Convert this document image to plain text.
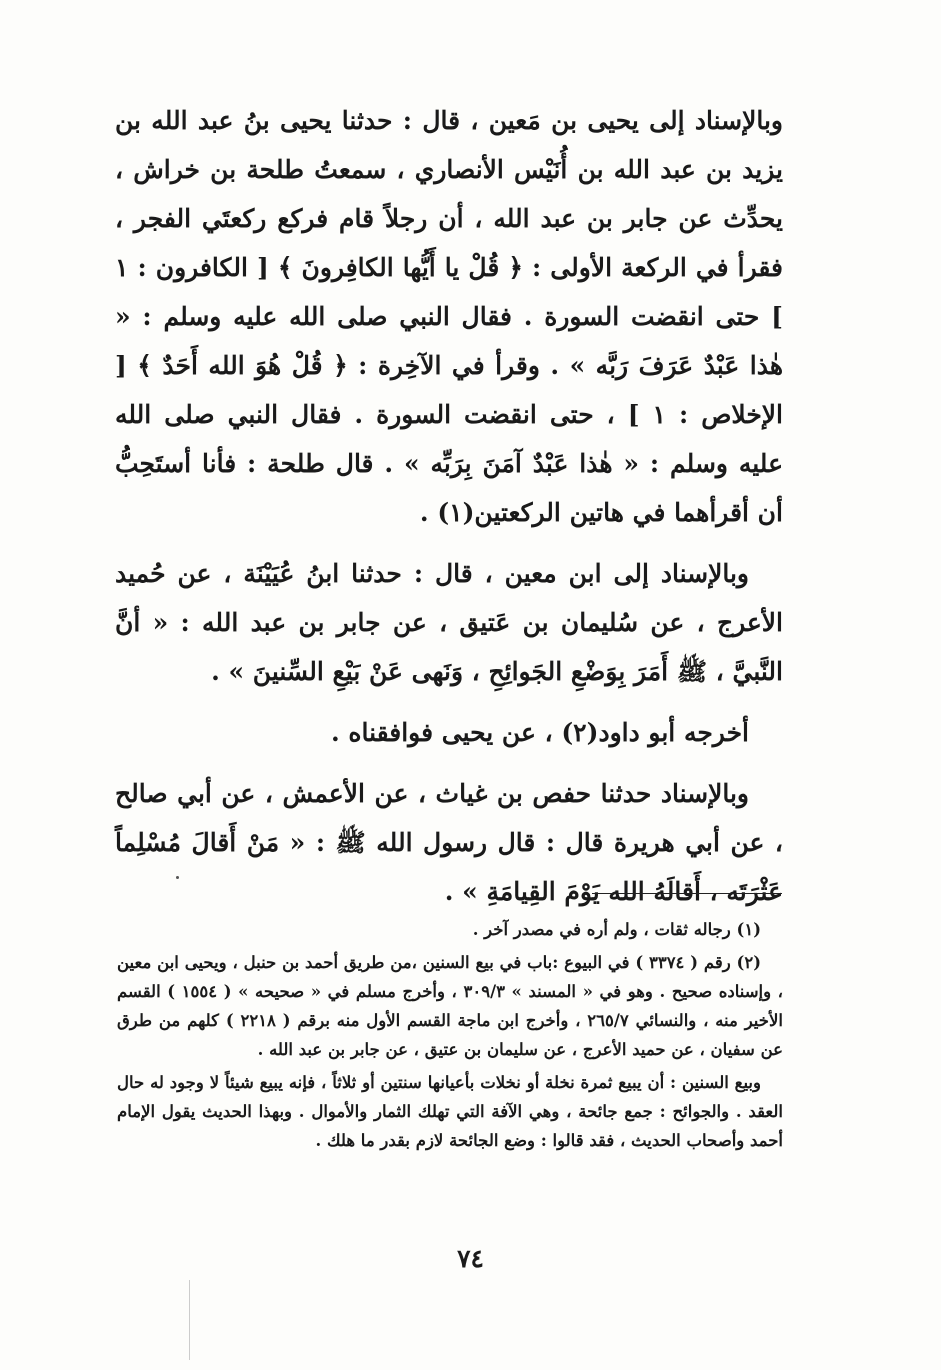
وبالإسناد إلى يحيى بن مَعين ، قال : حدثنا يحيى بنُ عبد الله بن يزيد بن عبد الله بن أُنَيْس الأنصاري ، سمعتُ طلحة بن خراش ، يحدِّث عن جابر بن عبد الله ، أن رجلاً قام فركع ركعتَي الفجر ، فقرأ في الركعة الأولى : ﴿ قُلْ يا أَيُّها الكافِرونَ ﴾ [ الكافرون : ١ ] حتى انقضت السورة . فقال النبي صلى الله عليه وسلم : « هٰذا عَبْدٌ عَرَفَ رَبَّه » . وقرأ في الآخِرة : ﴿ قُلْ هُوَ الله أَحَدٌ ﴾ [ الإخلاص : ١ ] ، حتى انقضت السورة . فقال النبي صلى الله عليه وسلم : « هٰذا عَبْدٌ آمَنَ بِرَبِّه » . قال طلحة : فأنا أستَحِبُّ أن أقرأهما في هاتين الركعتين(١) .

وبالإسناد إلى ابن معين ، قال : حدثنا ابنُ عُيَيْنَة ، عن حُميد الأعرج ، عن سُليمان بن عَتيق ، عن جابر بن عبد الله : « أنَّ النَّبيَّ ، ﷺ أَمَرَ بِوَضْعِ الجَوائِحِ ، وَنَهى عَنْ بَيْعِ السِّنينَ » .

أخرجه أبو داود(٢) ، عن يحيى فوافقناه .

وبالإسناد حدثنا حفص بن غياث ، عن الأعمش ، عن أبي صالح ، عن أبي هريرة قال : قال رسول الله ﷺ : « مَنْ أَقالَ مُسْلِماً عَثْرَتَه ، أَقالَهُ الله يَوْمَ القِيامَةِ » .

(١) رجاله ثقات ، ولم أره في مصدر آخر .

(٢) رقم ( ٣٣٧٤ ) في البيوع :باب في بيع السنين ،من طريق أحمد بن حنبل ، ويحيى ابن معين ، وإسناده صحيح . وهو في « المسند » ٣٠٩/٣ ، وأخرج مسلم في « صحيحه » ( ١٥٥٤ ) القسم الأخير منه ، والنسائي ٢٦٥/٧ ، وأخرج ابن ماجة القسم الأول منه برقم ( ٢٢١٨ ) كلهم من طرق عن سفيان ، عن حميد الأعرج ، عن سليمان بن عتيق ، عن جابر بن عبد الله .

وبيع السنين : أن يبيع ثمرة نخلة أو نخلات بأعيانها سنتين أو ثلاثاً ، فإنه يبيع شيئاً لا وجود له حال العقد . والجوائح : جمع جائحة ، وهي الآفة التي تهلك الثمار والأموال . وبهذا الحديث يقول الإمام أحمد وأصحاب الحديث ، فقد قالوا : وضع الجائحة لازم بقدر ما هلك .

٧٤
